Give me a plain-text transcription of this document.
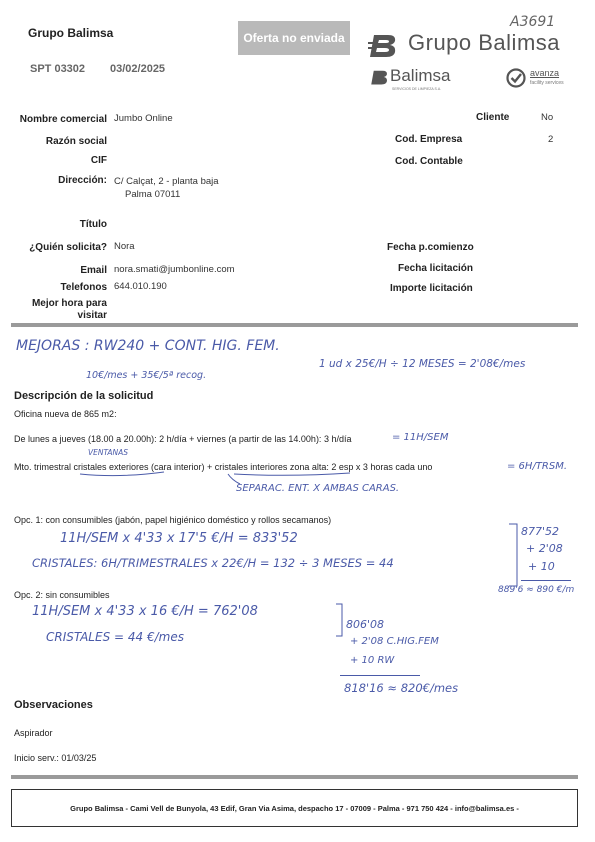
Grupo Balimsa
SPT 03302 03/02/2025
Oferta no enviada
A3691
Grupo Balimsa
Balimsa
SERVICIOS DE LIMPIEZA S.A.
avanza
facility services
Nombre comercial Jumbo Online
Razón social
CIF
Dirección: C/ Calçat, 2 - planta baja
Palma 07011
Título
¿Quién solicita? Nora
Email nora.smati@jumbonline.com
Telefonos 644.010.190
Mejor hora para
visitar
Cliente	No
Cod. Empresa	2
Cod. Contable
Fecha p.comienzo
Fecha licitación
Importe licitación
MEJORAS : RW240 + CONT. HIG. FEM.
1 ud x 25€/H ÷ 12 MESES = 2'08€/mes
10€/mes + 35€/5ª recog.
Descripción de la solicitud
Oficina nueva de 865 m2:
De lunes a jueves (18.00 a 20.00h): 2 h/día + viernes (a partir de las 14.00h): 3 h/día	= 11H/SEM
VENTANAS
Mto. trimestral cristales exteriores (cara interior) + cristales interiores zona alta: 2 esp x 3 horas cada uno	= 6H/TRSM.
SEPARAC. ENT. X AMBAS CARAS.
Opc. 1: con consumibles (jabón, papel higiénico doméstico y rollos secamanos)
11H/SEM x 4'33 x 17'5 €/H = 833'52
CRISTALES: 6H/TRIMESTRALES x 22€/H = 132 ÷ 3 MESES = 44
877'52
+ 2'08
+ 10
889'6 ≈ 890 €/m
Opc. 2: sin consumibles
11H/SEM x 4'33 x 16 €/H = 762'08
CRISTALES = 44 €/mes
806'08
+ 2'08 C.HIG.FEM
+ 10 RW
818'16 ≈ 820€/mes
Observaciones
Aspirador
Inicio serv.: 01/03/25
Grupo Balimsa - Cami Vell de Bunyola, 43 Edif, Gran Via Asima, despacho 17 - 07009 - Palma - 971 750 424 - info@balimsa.es -
